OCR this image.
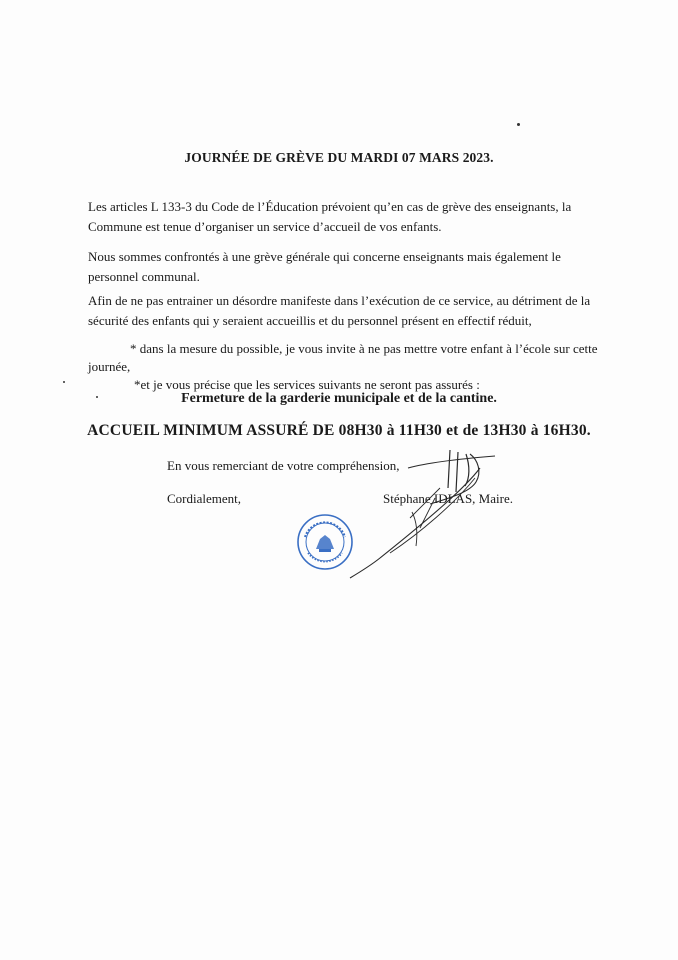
JOURNÉE DE GRÈVE DU MARDI 07 MARS 2023.
Les articles L 133-3 du Code de l’Éducation prévoient qu’en cas de grève des enseignants, la Commune est tenue d’organiser un service d’accueil de vos enfants.
Nous sommes confrontés à une grève générale qui concerne enseignants mais également le personnel communal.
Afin de ne pas entrainer un désordre manifeste dans l’exécution de ce service, au détriment de la sécurité des enfants qui y seraient accueillis et du personnel présent en effectif réduit,
* dans la mesure du possible, je vous invite à ne pas mettre votre enfant à l’école sur cette journée,
*et je vous précise que les services suivants ne seront pas assurés :
Fermeture de la garderie municipale et de la cantine.
ACCUEIL MINIMUM ASSURÉ DE 08H30 à 11H30 et de 13H30 à 16H30.
En vous remerciant de votre compréhension,
Cordialement,	Stéphane IDLAS, Maire.
